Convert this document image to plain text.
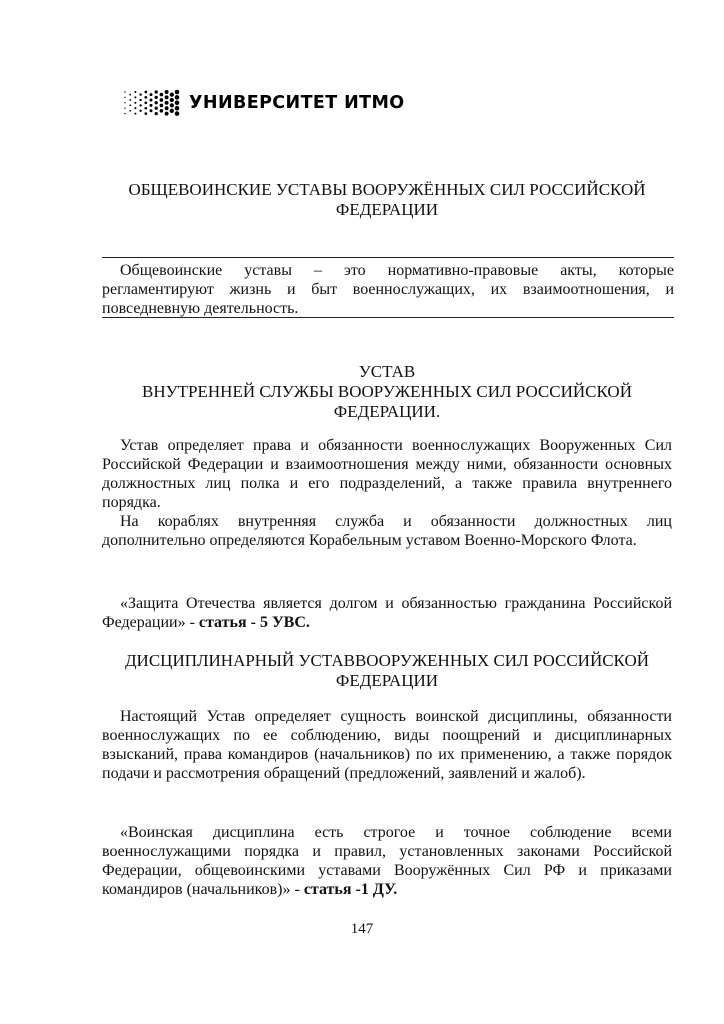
УНИВЕРСИТЕТ ИТМО
ОБЩЕВОИНСКИЕ УСТАВЫ ВООРУЖЁННЫХ СИЛ РОССИЙСКОЙ
ФЕДЕРАЦИИ

Общевоинские уставы – это нормативно-правовые акты, которые регламентируют жизнь и быт военнослужащих, их взаимоотношения, и повседневную деятельность.

УСТАВ
ВНУТРЕННЕЙ СЛУЖБЫ ВООРУЖЕННЫХ СИЛ РОССИЙСКОЙ
ФЕДЕРАЦИИ.

Устав определяет права и обязанности военнослужащих Вооруженных Сил Российской Федерации и взаимоотношения между ними, обязанности основных должностных лиц полка и его подразделений, а также правила внутреннего порядка.

На кораблях внутренняя служба и обязанности должностных лиц дополнительно определяются Корабельным уставом Военно-Морского Флота.

«Защита Отечества является долгом и обязанностью гражданина Российской Федерации» - статья - 5 УВС.

ДИСЦИПЛИНАРНЫЙ УСТАВВООРУЖЕННЫХ СИЛ РОССИЙСКОЙ
ФЕДЕРАЦИИ

Настоящий Устав определяет сущность воинской дисциплины, обязанности военнослужащих по ее соблюдению, виды поощрений и дисциплинарных взысканий, права командиров (начальников) по их применению, а также порядок подачи и рассмотрения обращений (предложений, заявлений и жалоб).

«Воинская дисциплина есть строгое и точное соблюдение всеми военнослужащими порядка и правил, установленных законами Российской Федерации, общевоинскими уставами Вооружённых Сил РФ и приказами командиров (начальников)» - статья -1 ДУ.

147
